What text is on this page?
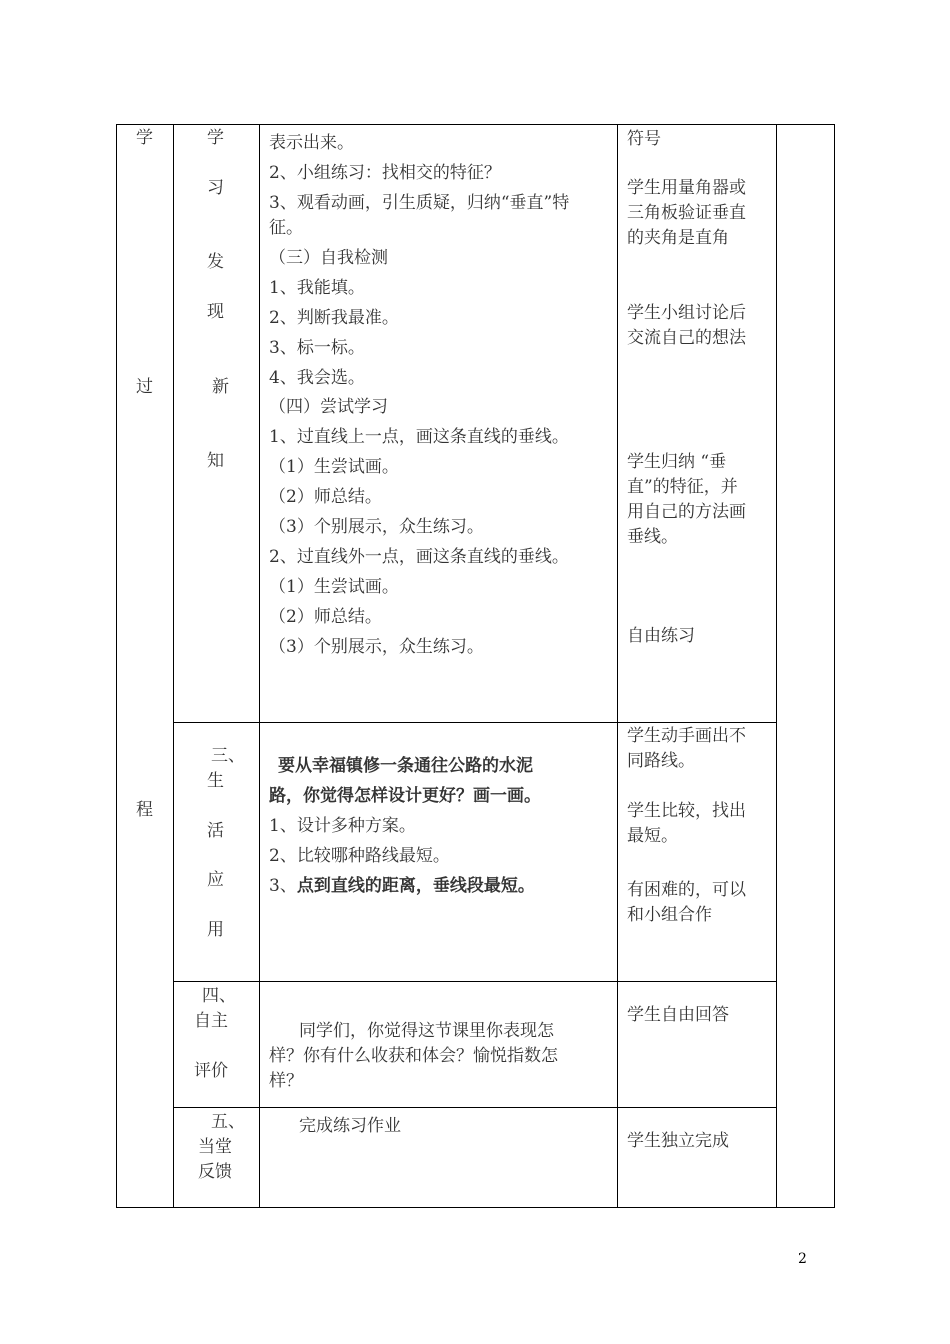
学
过
程
学
习
发
现
新
知
表示出来。
2、小组练习：找相交的特征？
3、观看动画，引生质疑，归纳“垂直”特
征。
（三）自我检测
1、我能填。
2、判断我最准。
3、标一标。
4、我会选。
（四）尝试学习
1、过直线上一点，画这条直线的垂线。
（1）生尝试画。
（2）师总结。
（3）个别展示，众生练习。
2、过直线外一点，画这条直线的垂线。
（1）生尝试画。
（2）师总结。
（3）个别展示，众生练习。
符号
学生用量角器或
三角板验证垂直
的夹角是直角
学生小组讨论后
交流自己的想法
学生归纳 “垂
直”的特征，并
用自己的方法画
垂线。
自由练习
三、
生
活
应
用
要从幸福镇修一条通往公路的水泥
路，你觉得怎样设计更好？画一画。
1、设计多种方案。
2、比较哪种路线最短。
3、点到直线的距离，垂线段最短。
学生动手画出不
同路线。
学生比较，找出
最短。
有困难的，可以
和小组合作
四、
自主
评价
同学们，你觉得这节课里你表现怎
样？你有什么收获和体会？愉悦指数怎
样？
学生自由回答
五、
当堂
反馈
完成练习作业
学生独立完成
2
